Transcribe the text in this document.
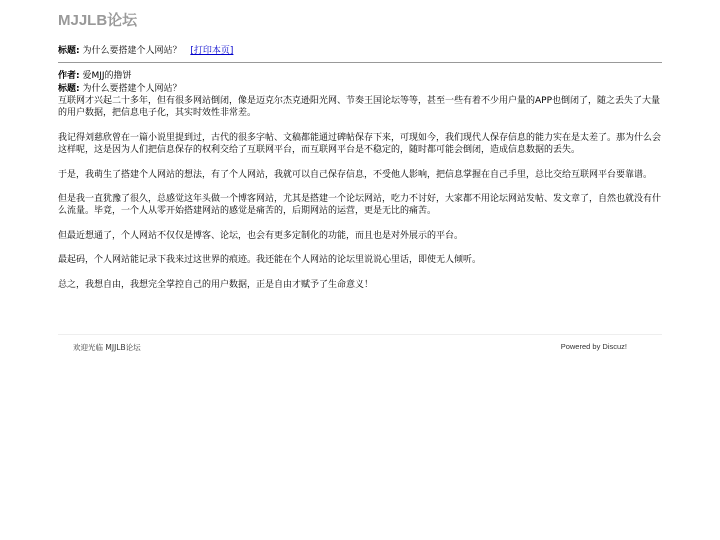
MJJLB论坛
标题: 为什么要搭建个人网站？ [打印本页]
作者: 爱MJJ的撸饼
标题: 为什么要搭建个人网站？

互联网才兴起二十多年，但有很多网站倒闭，像是迈克尔杰克逊阳光网、节奏王国论坛等等，甚至一些有着不少用户量的APP也倒闭了，随之丢失了大量的用户数据，把信息电子化，其实时效性非常差。

我记得刘慈欣曾在一篇小说里提到过，古代的很多字帖、文稿都能通过碑帖保存下来，可现如今，我们现代人保存信息的能力实在是太差了。那为什么会这样呢，这是因为人们把信息保存的权利交给了互联网平台，而互联网平台是不稳定的，随时都可能会倒闭，造成信息数据的丢失。

于是，我萌生了搭建个人网站的想法，有了个人网站，我就可以自己保存信息，不受他人影响，把信息掌握在自己手里，总比交给互联网平台要靠谱。

但是我一直犹豫了很久，总感觉这年头做一个博客网站，尤其是搭建一个论坛网站，吃力不讨好，大家都不用论坛网站发帖、发文章了，自然也就没有什么流量。毕竟，一个人从零开始搭建网站的感觉是痛苦的，后期网站的运营，更是无比的痛苦。

但最近想通了，个人网站不仅仅是博客、论坛，也会有更多定制化的功能，而且也是对外展示的平台。

最起码，个人网站能记录下我来过这世界的痕迹。我还能在个人网站的论坛里说说心里话，即使无人倾听。

总之，我想自由，我想完全掌控自己的用户数据，正是自由才赋予了生命意义！

欢迎光临 MJJLB论坛	Powered by Discuz!
